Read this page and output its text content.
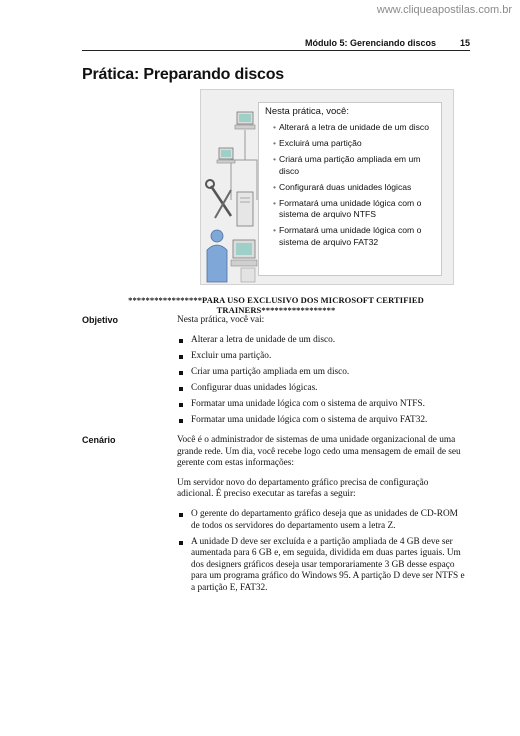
www.cliqueapostilas.com.br
Módulo 5: Gerenciando discos	15
Prática: Preparando discos
Nesta prática, você:
• Alterará a letra de unidade de um disco
• Excluirá uma partição
• Criará uma partição ampliada em um disco
• Configurará duas unidades lógicas
• Formatará uma unidade lógica com o sistema de arquivo NTFS
• Formatará uma unidade lógica com o sistema de arquivo FAT32
*****************PARA USO EXCLUSIVO DOS MICROSOFT CERTIFIED TRAINERS*****************
Objetivo	Nesta prática, você vai:

Alterar a letra de unidade de um disco.
Excluir uma partição.
Criar uma partição ampliada em um disco.
Configurar duas unidades lógicas.
Formatar uma unidade lógica com o sistema de arquivo NTFS.
Formatar uma unidade lógica com o sistema de arquivo FAT32.
Cenário	Você é o administrador de sistemas de uma unidade organizacional de uma grande rede. Um dia, você recebe logo cedo uma mensagem de email de seu gerente com estas informações:

Um servidor novo do departamento gráfico precisa de configuração adicional. É preciso executar as tarefas a seguir:

O gerente do departamento gráfico deseja que as unidades de CD-ROM de todos os servidores do departamento usem a letra Z.
A unidade D deve ser excluída e a partição ampliada de 4 GB deve ser aumentada para 6 GB e, em seguida, dividida em duas partes iguais. Um dos designers gráficos deseja usar temporariamente 3 GB desse espaço para um programa gráfico do Windows 95. A partição D deve ser NTFS e a partição E, FAT32.
